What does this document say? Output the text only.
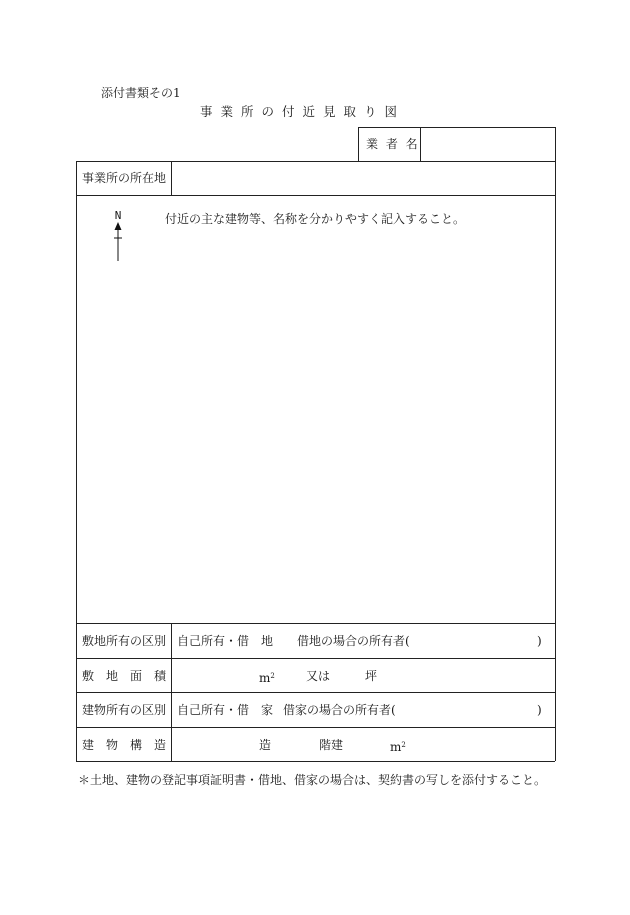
添付書類その1
事業所の付近見取り図
業 者 名
事業所の所在地
N	付近の主な建物等、名称を分かりやすく記入すること。
敷地所有の区別 自己所有・借　地 借地の場合の所有者(	)
敷　地　面　積	$m^2$	又は	坪
建物所有の区別 自己所有・借　家 借家の場合の所有者(	)
建　物　構　造	造	階建	$m^2$
＊土地、建物の登記事項証明書・借地、借家の場合は、契約書の写しを添付すること。
